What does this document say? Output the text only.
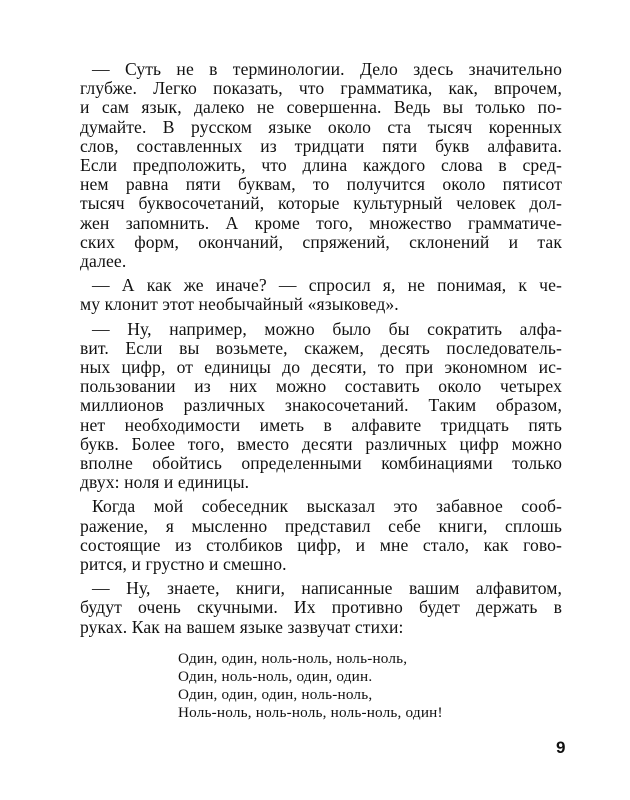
— Суть не в терминологии. Дело здесь значительно
глубже. Легко показать, что грамматика, как, впрочем,
и сам язык, далеко не совершенна. Ведь вы только по-
думайте. В русском языке около ста тысяч коренных
слов, составленных из тридцати пяти букв алфавита.
Если предположить, что длина каждого слова в сред-
нем равна пяти буквам, то получится около пятисот
тысяч буквосочетаний, которые культурный человек дол-
жен запомнить. А кроме того, множество грамматиче-
ских форм, окончаний, спряжений, склонений и так
далее.
— А как же иначе? — спросил я, не понимая, к че-
му клонит этот необычайный «языковед».
— Ну, например, можно было бы сократить алфа-
вит. Если вы возьмете, скажем, десять последователь-
ных цифр, от единицы до десяти, то при экономном ис-
пользовании из них можно составить около четырех
миллионов различных знакосочетаний. Таким образом,
нет необходимости иметь в алфавите тридцать пять
букв. Более того, вместо десяти различных цифр можно
вполне обойтись определенными комбинациями только
двух: ноля и единицы.
Когда мой собеседник высказал это забавное сооб-
ражение, я мысленно представил себе книги, сплошь
состоящие из столбиков цифр, и мне стало, как гово-
рится, и грустно и смешно.
— Ну, знаете, книги, написанные вашим алфавитом,
будут очень скучными. Их противно будет держать в
руках. Как на вашем языке зазвучат стихи:
Один, один, ноль-ноль, ноль-ноль,
Один, ноль-ноль, один, один.
Один, один, один, ноль-ноль,
Ноль-ноль, ноль-ноль, ноль-ноль, один!
9
